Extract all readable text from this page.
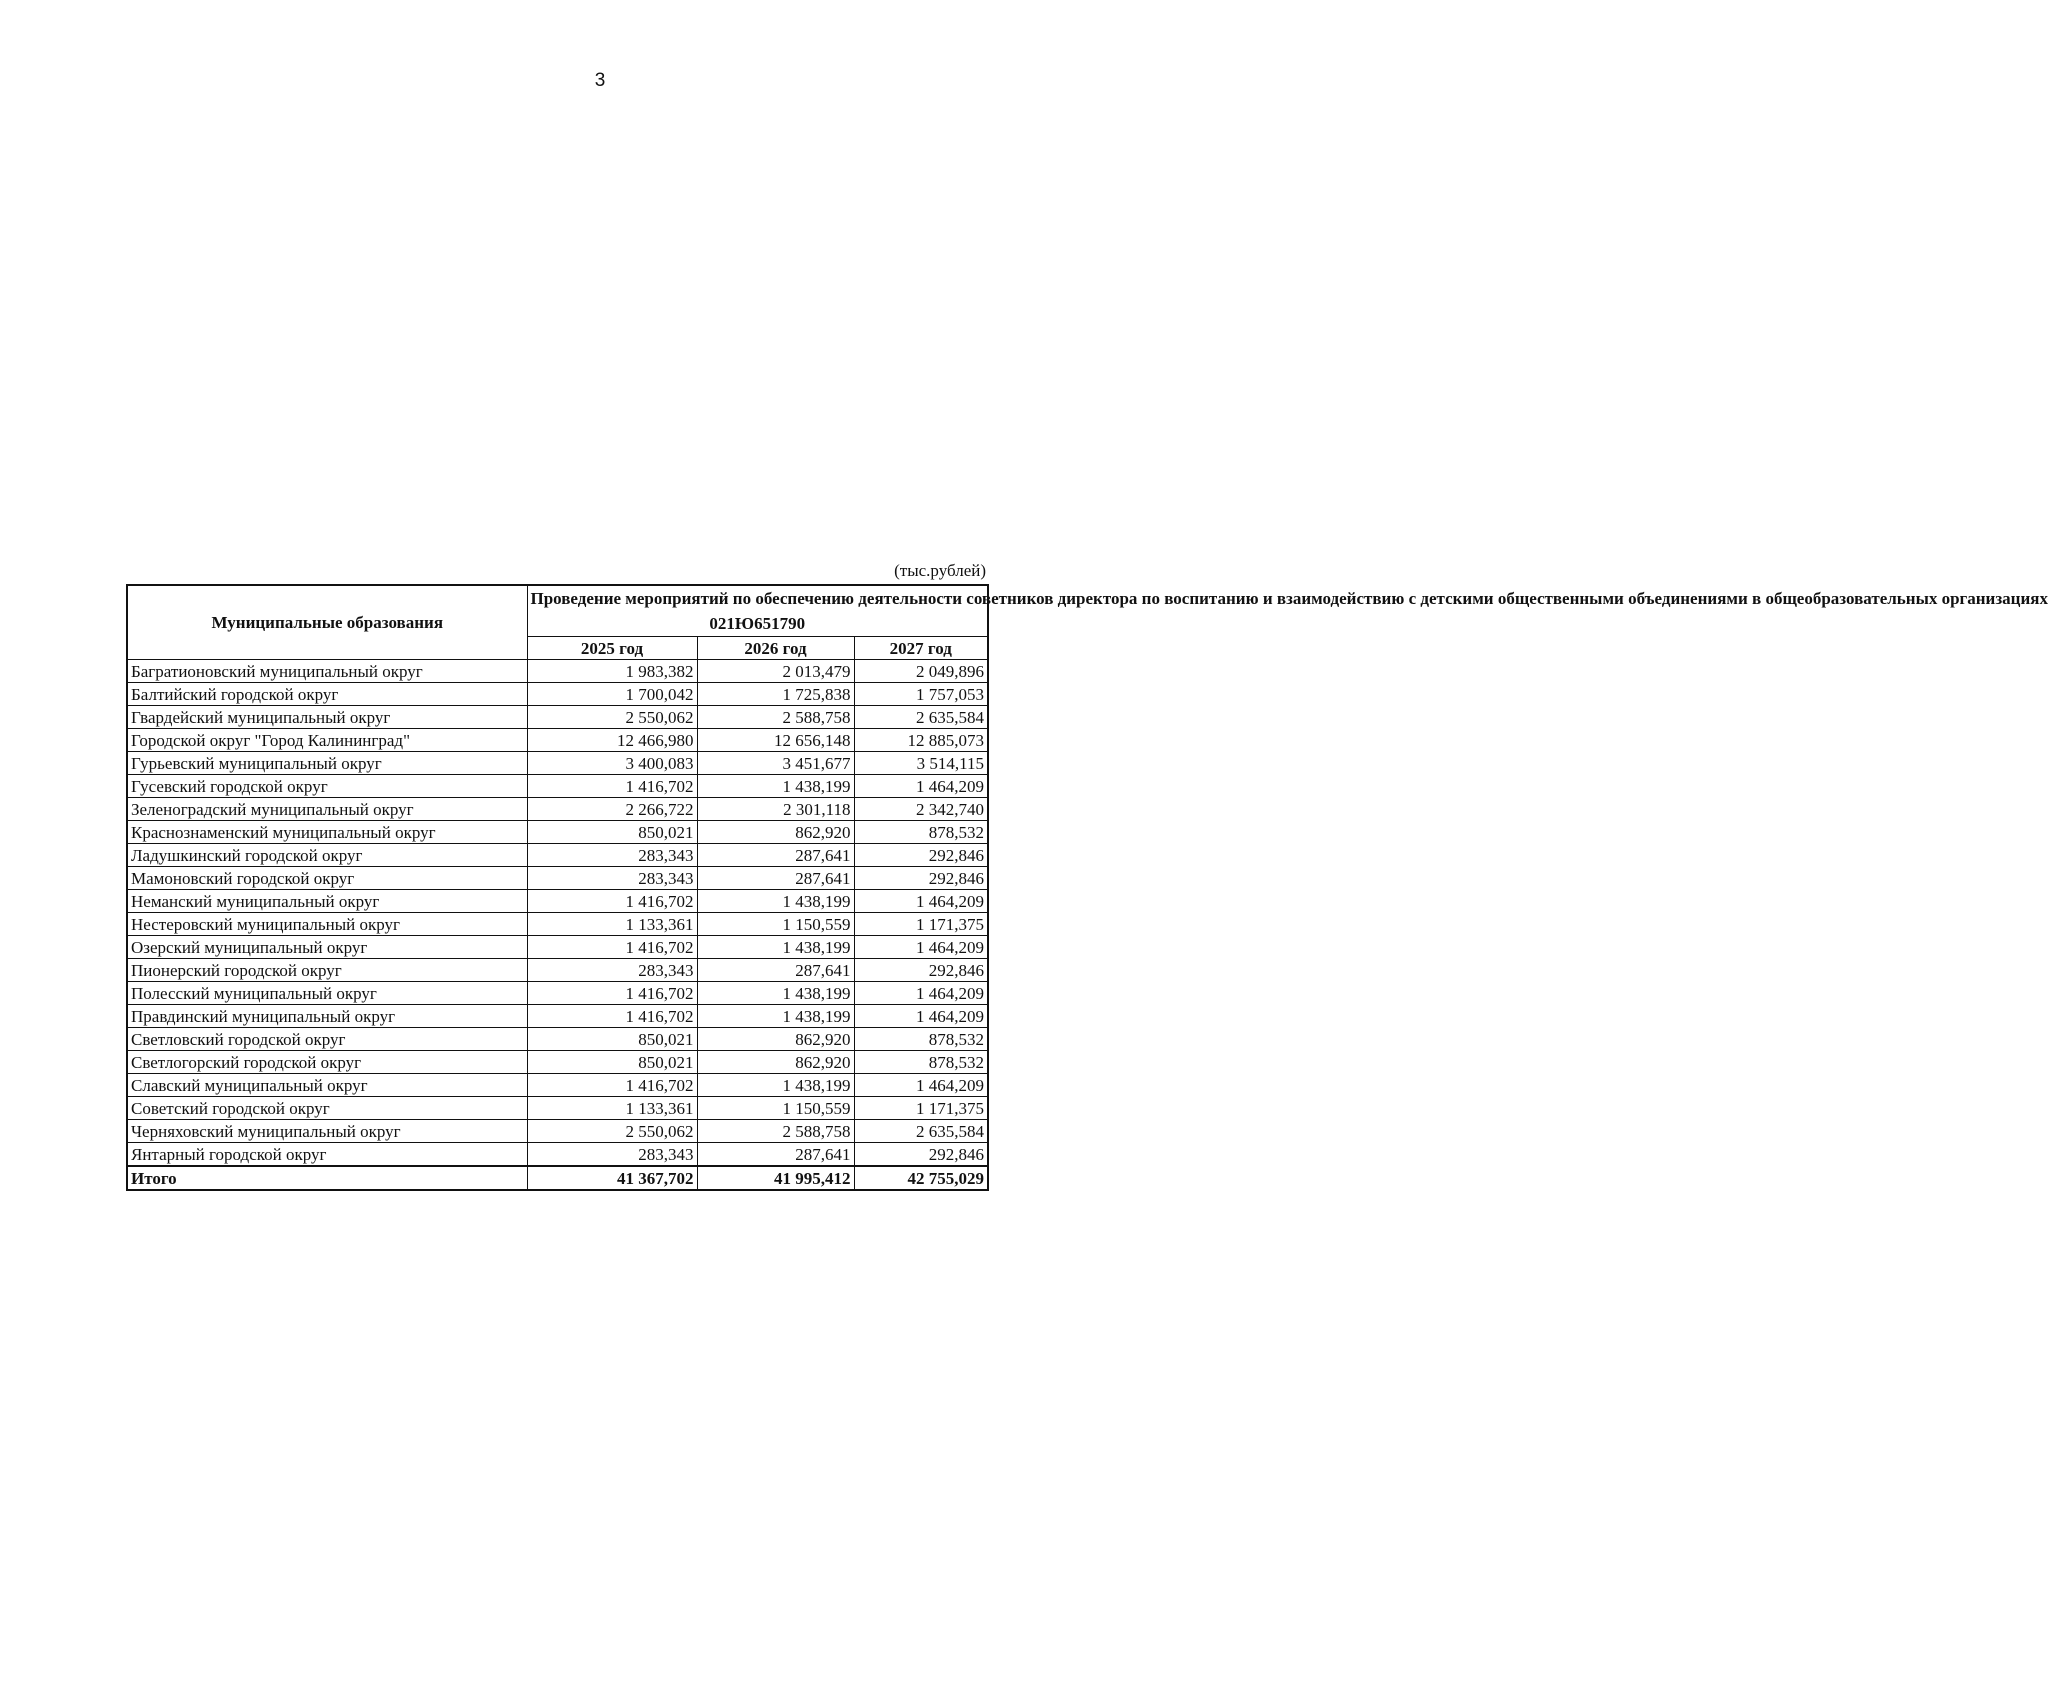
3
(тыс.рублей)
Муниципальные образования	Проведение мероприятий по обеспечению деятельности советников директора по воспитанию и взаимодействию с детскими общественными объединениями в общеобразовательных организациях
021Ю651790		
	2025 год	2026 год	2027 год
Багратионовский муниципальный округ	1 983,382	2 013,479	2 049,896
Балтийский городской округ	1 700,042	1 725,838	1 757,053
Гвардейский муниципальный округ	2 550,062	2 588,758	2 635,584
Городской округ "Город Калининград"	12 466,980	12 656,148	12 885,073
Гурьевский муниципальный округ	3 400,083	3 451,677	3 514,115
Гусевский городской округ	1 416,702	1 438,199	1 464,209
Зеленоградский муниципальный округ	2 266,722	2 301,118	2 342,740
Краснознаменский муниципальный округ	850,021	862,920	878,532
Ладушкинский городской округ	283,343	287,641	292,846
Мамоновский городской округ	283,343	287,641	292,846
Неманский муниципальный округ	1 416,702	1 438,199	1 464,209
Нестеровский муниципальный округ	1 133,361	1 150,559	1 171,375
Озерский муниципальный округ	1 416,702	1 438,199	1 464,209
Пионерский городской округ	283,343	287,641	292,846
Полесский муниципальный округ	1 416,702	1 438,199	1 464,209
Правдинский муниципальный округ	1 416,702	1 438,199	1 464,209
Светловский городской округ	850,021	862,920	878,532
Светлогорский городской округ	850,021	862,920	878,532
Славский муниципальный округ	1 416,702	1 438,199	1 464,209
Советский городской округ	1 133,361	1 150,559	1 171,375
Черняховский муниципальный округ	2 550,062	2 588,758	2 635,584
Янтарный городской округ	283,343	287,641	292,846
Итого	41 367,702	41 995,412	42 755,029
